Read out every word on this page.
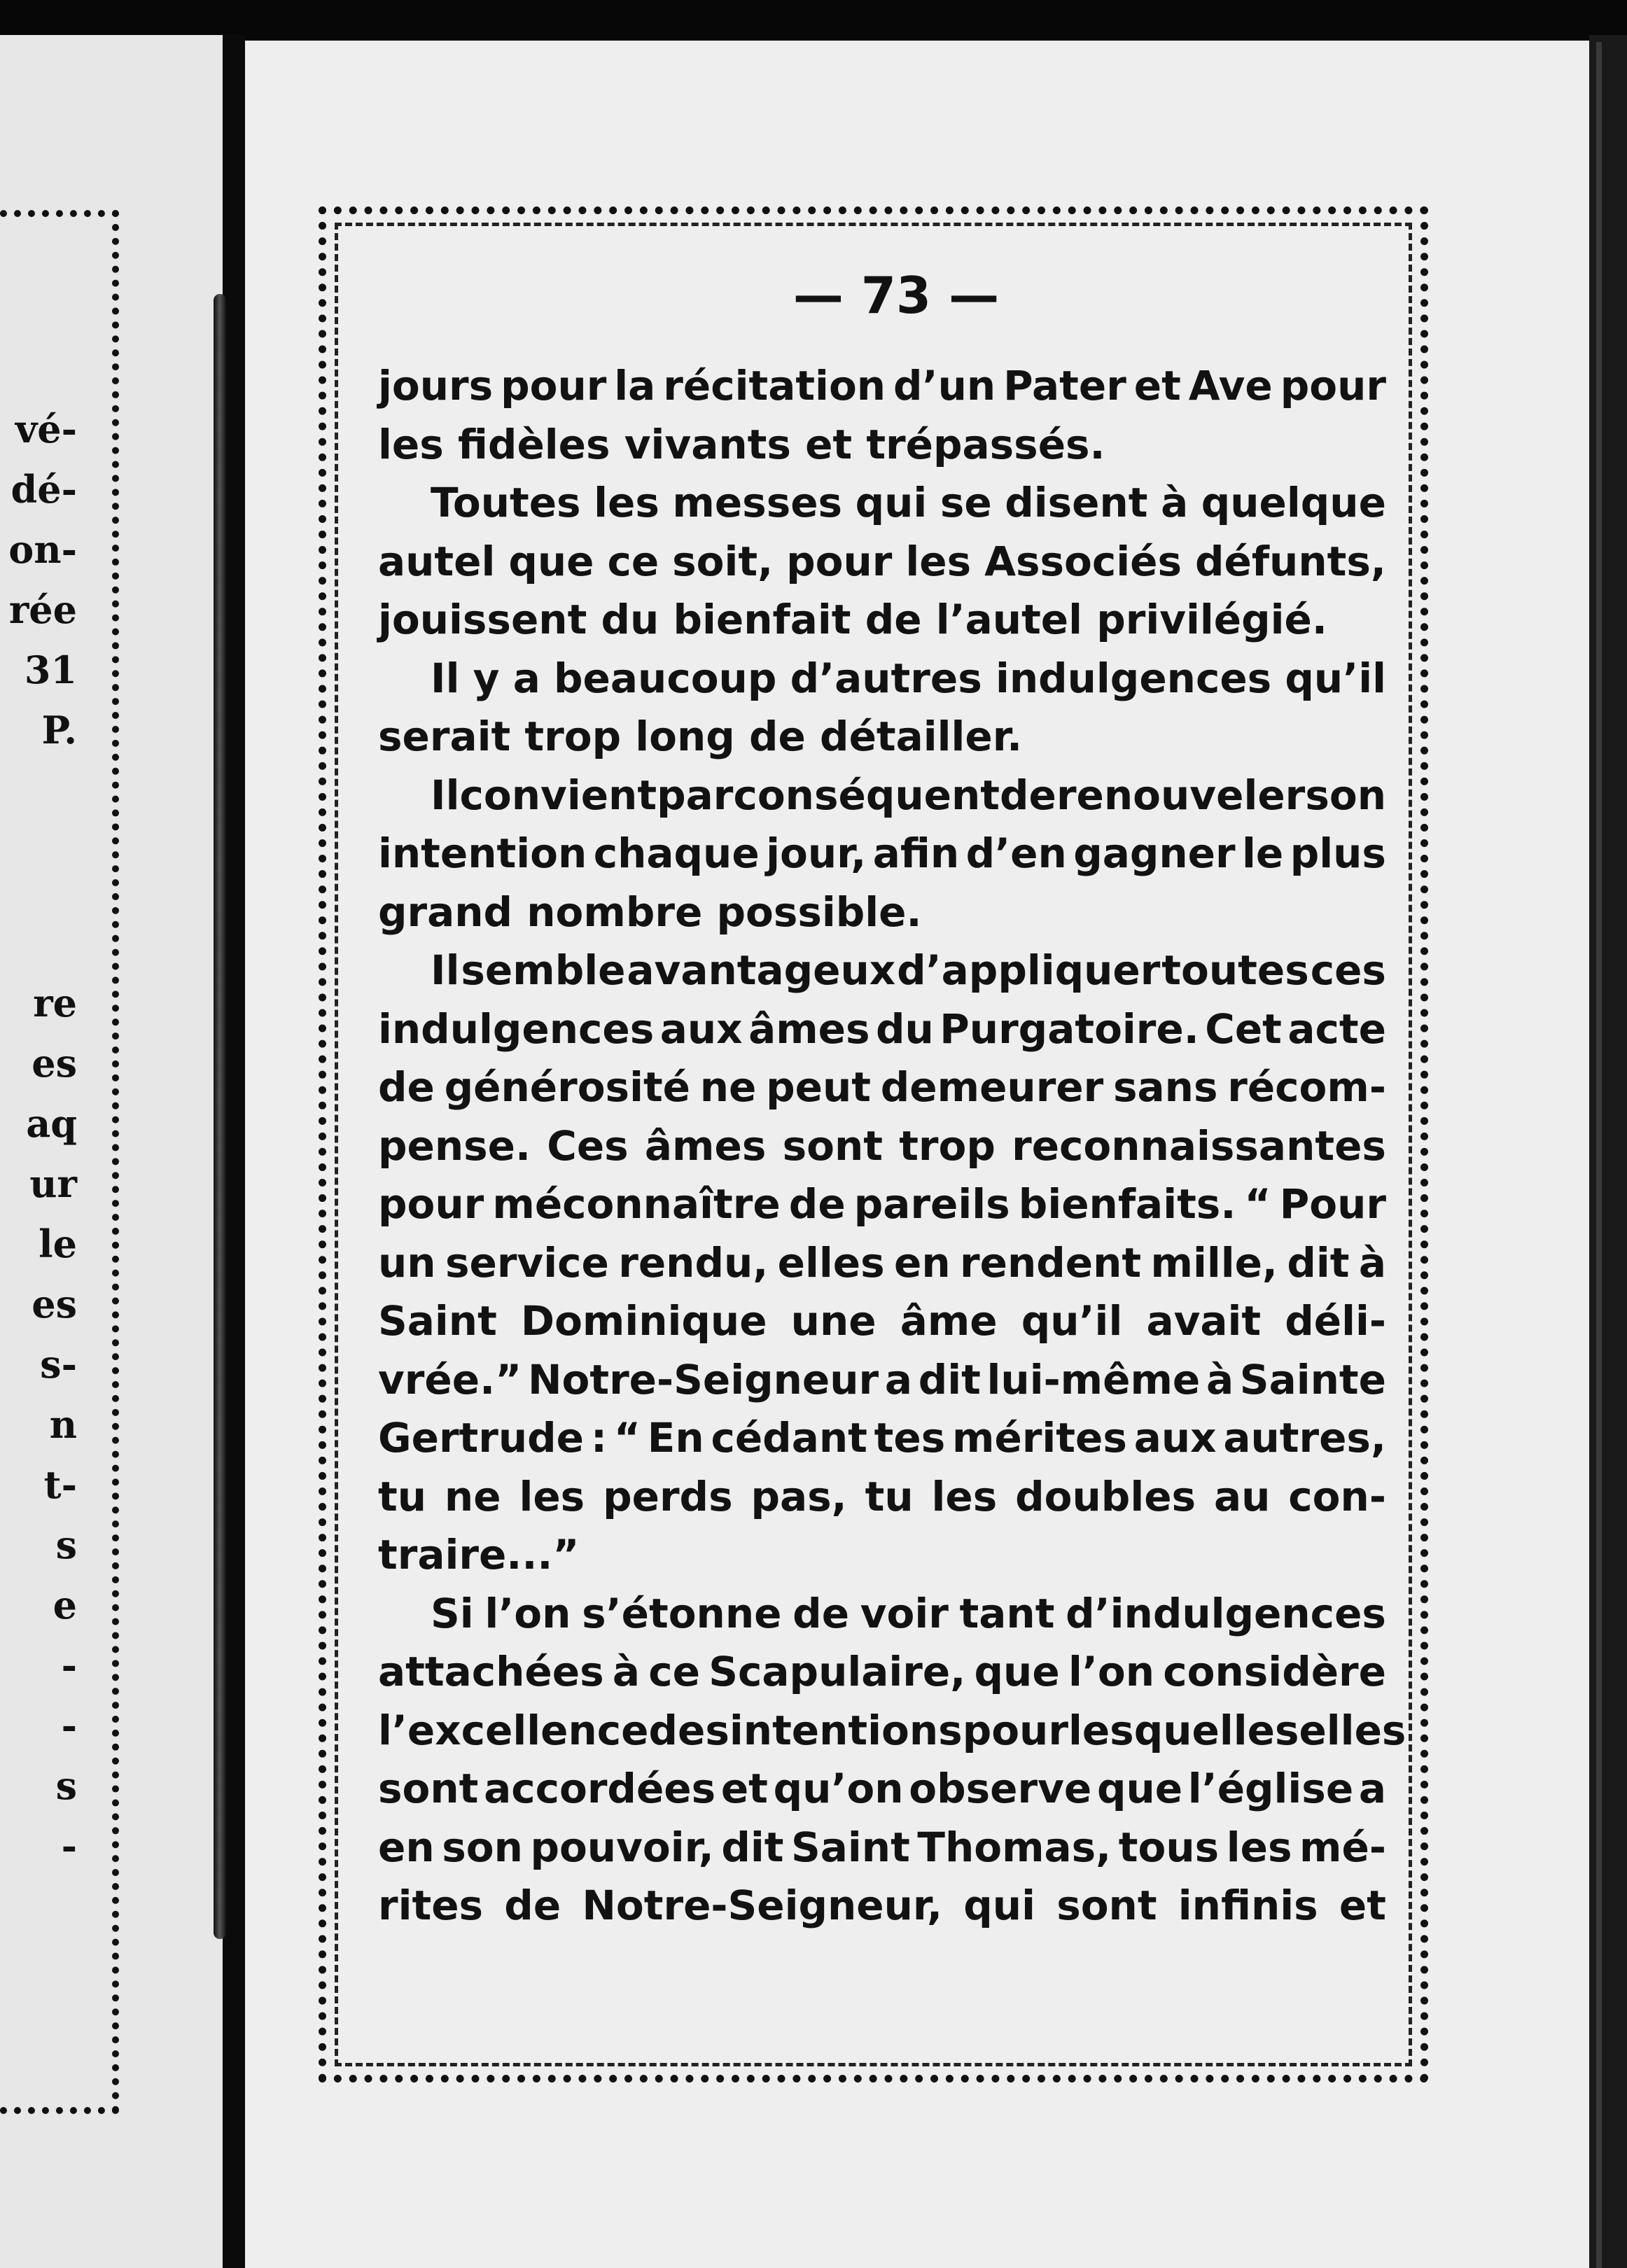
vé-
dé-
on-
rée
31
P.
re
es
aq
ur
le
es
s-
n
t-
s
e
-
-
s
-
— 73 —
jours pour la récitation d’un Pater et Ave pour
les fidèles vivants et trépassés.
Toutes les messes qui se disent à quelque
autel que ce soit, pour les Associés défunts,
jouissent du bienfait de l’autel privilégié.
Il y a beaucoup d’autres indulgences qu’il
serait trop long de détailler.
Il convient par conséquent de renouveler son
intention chaque jour, afin d’en gagner le plus
grand nombre possible.
Il semble avantageux d’appliquer toutes ces
indulgences aux âmes du Purgatoire. Cet acte
de générosité ne peut demeurer sans récom-
pense. Ces âmes sont trop reconnaissantes
pour méconnaître de pareils bienfaits. “ Pour
un service rendu, elles en rendent mille, dit à
Saint Dominique une âme qu’il avait déli-
vrée.” Notre-Seigneur a dit lui-même à Sainte
Gertrude : “ En cédant tes mérites aux autres,
tu ne les perds pas, tu les doubles au con-
traire...”
Si l’on s’étonne de voir tant d’indulgences
attachées à ce Scapulaire, que l’on considère
l’excellence des intentions pour lesquelles elles
sont accordées et qu’on observe que l’église a
en son pouvoir, dit Saint Thomas, tous les mé-
rites de Notre-Seigneur, qui sont infinis et
